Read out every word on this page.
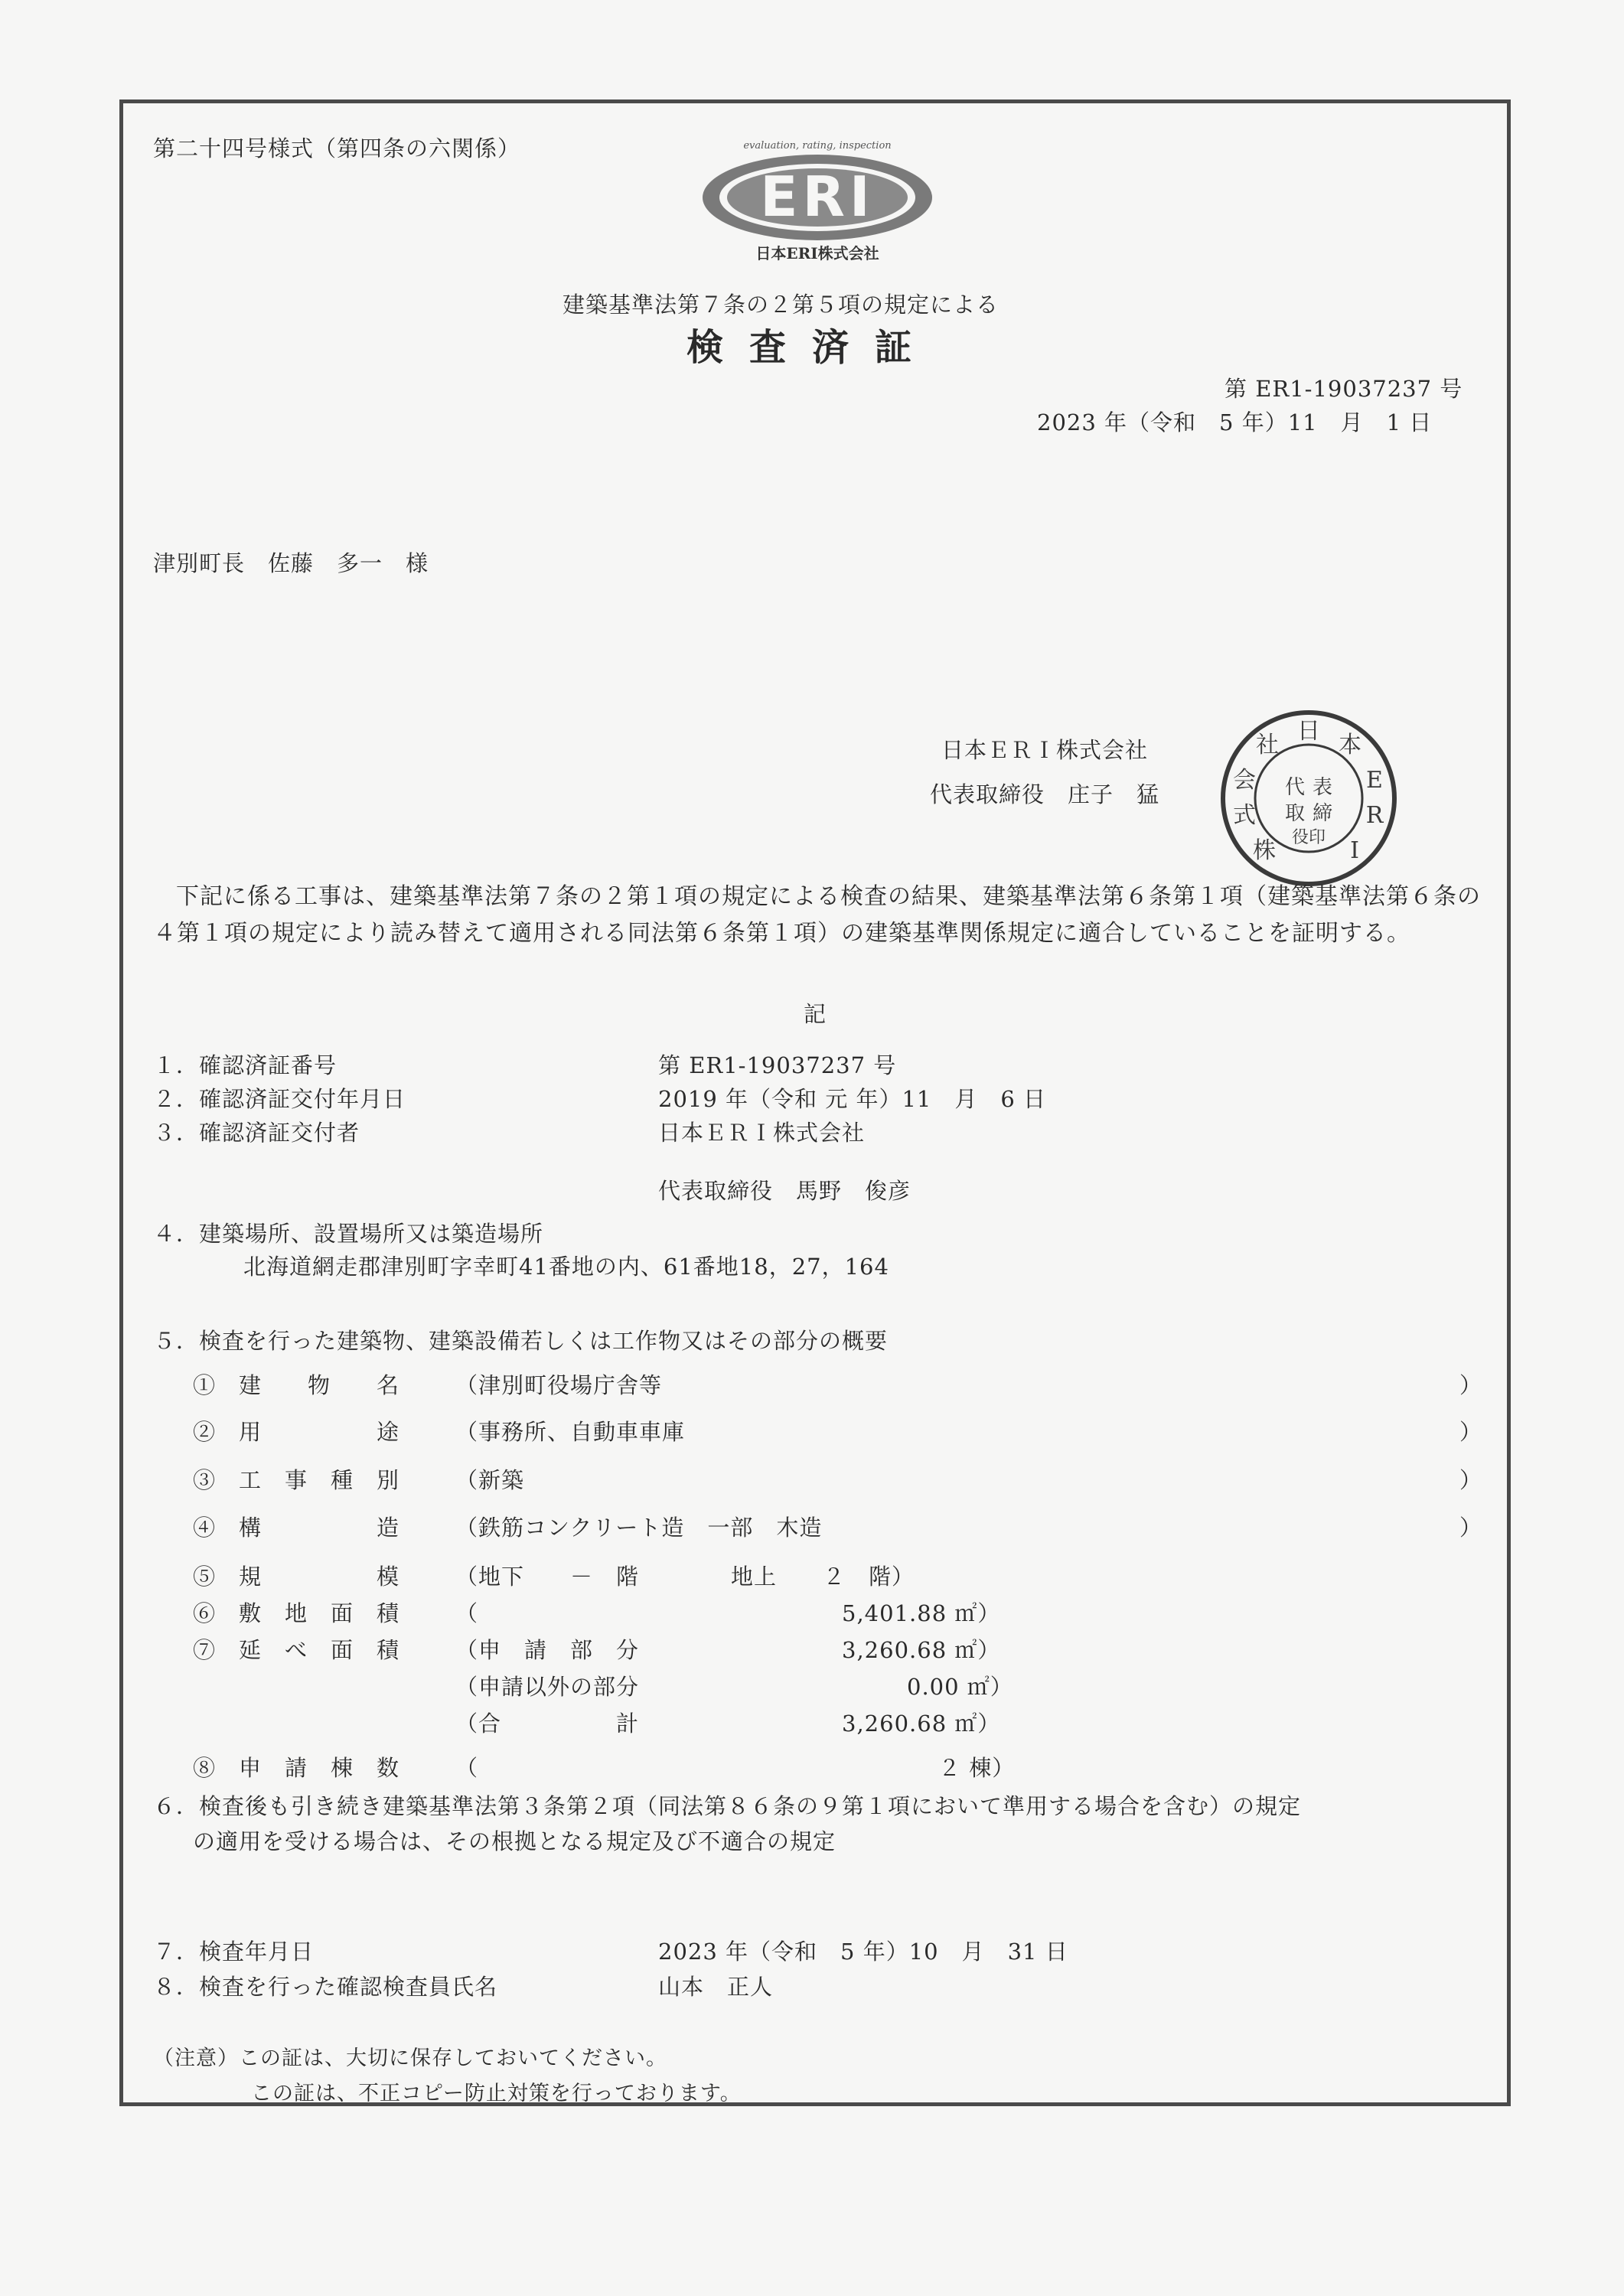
第二十四号様式（第四条の六関係）	evaluation, rating, inspection
ERI
日本ERI株式会社
建築基準法第７条の２第５項の規定による
検査済証
第 ER1-19037237 号
2023 年（令和　5 年）11　月　1 日
津別町長　佐藤　多一　様
日本ＥＲＩ株式会社
代表取締役　庄子　猛
日
本
E
R
I
株
式
会
社
代 表
取 締
役印

下記に係る工事は、建築基準法第７条の２第１項の規定による検査の結果、建築基準法第６条第１項（建築基準法第６条の４第１項の規定により読み替えて適用される同法第６条第１項）の建築基準関係規定に適合していることを証明する。

記
１．確認済証番号	第 ER1-19037237 号
２．確認済証交付年月日	2019 年（令和 元 年）11　月　6 日
３．確認済証交付者	日本ＥＲＩ株式会社
代表取締役　馬野　俊彦
４．建築場所、設置場所又は築造場所
北海道網走郡津別町字幸町41番地の内、61番地18，27，164
５．検査を行った建築物、建築設備若しくは工作物又はその部分の概要
①　建　　物　　名	（津別町役場庁舎等	）
②　用　　　　　途	（事務所、自動車車庫	）
③　工　事　種　別	（新築	）
④　構　　　　　造	（鉄筋コンクリート造　一部　木造	）
⑤　規　　　　　模	（地下　　－　階　　　　地上　　２　階）
⑥　敷　地　面　積	（	5,401.88 ㎡）
⑦　延　べ　面　積	（申　請　部　分	3,260.68 ㎡）
（申請以外の部分	0.00 ㎡）
（合　　　　　計	3,260.68 ㎡）
⑧　申　請　棟　数	（	２ 棟）
６．検査後も引き続き建築基準法第３条第２項（同法第８６条の９第１項において準用する場合を含む）の規定
の適用を受ける場合は、その根拠となる規定及び不適合の規定
７．検査年月日	2023 年（令和　5 年）10　月　31 日
８．検査を行った確認検査員氏名	山本　正人
（注意）この証は、大切に保存しておいてください。
この証は、不正コピー防止対策を行っております。
